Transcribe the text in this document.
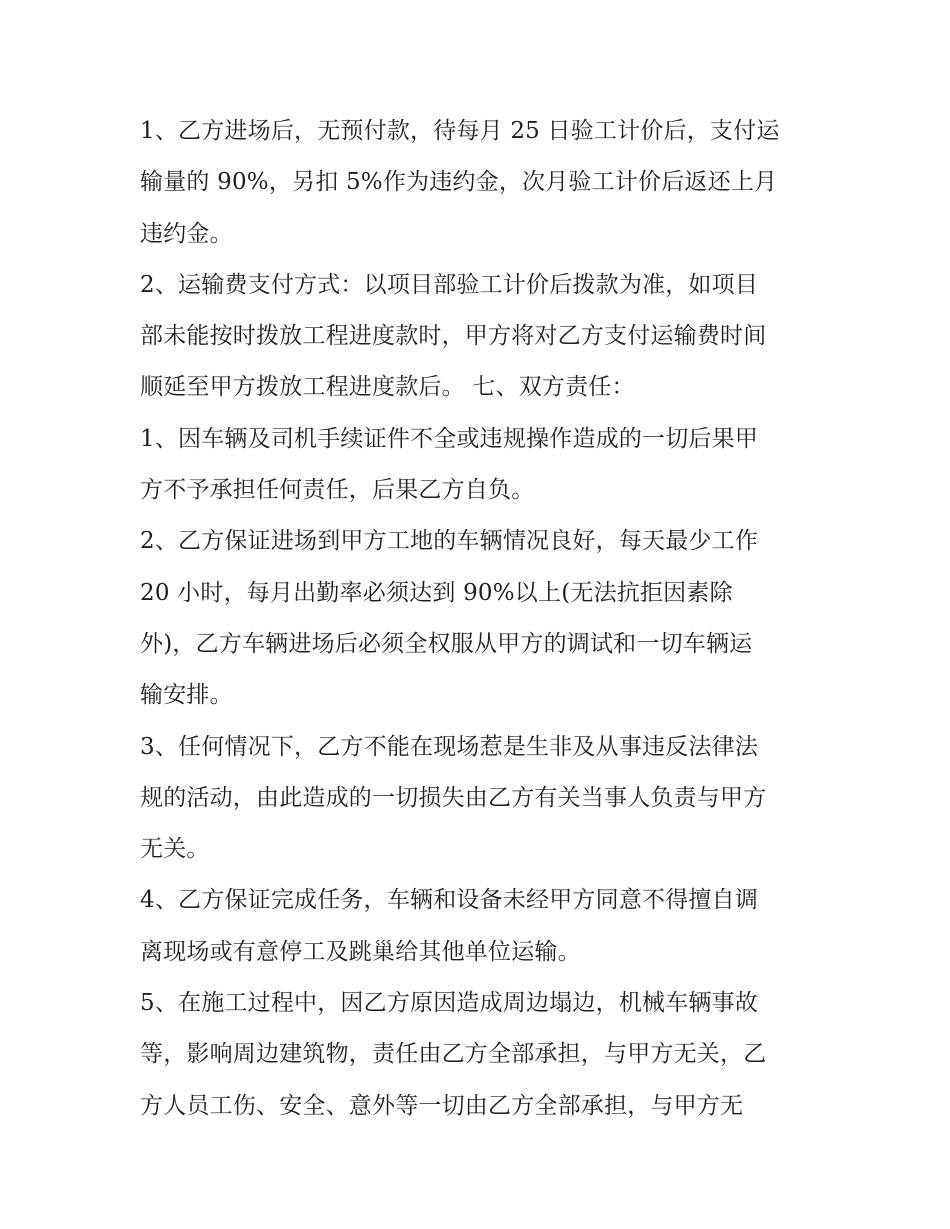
1、乙方进场后，无预付款，待每月 25 日验工计价后，支付运
输量的 90%，另扣 5%作为违约金，次月验工计价后返还上月
违约金。
2、运输费支付方式：以项目部验工计价后拨款为准，如项目
部未能按时拨放工程进度款时，甲方将对乙方支付运输费时间
顺延至甲方拨放工程进度款后。 七、双方责任：
1、因车辆及司机手续证件不全或违规操作造成的一切后果甲
方不予承担任何责任，后果乙方自负。
2、乙方保证进场到甲方工地的车辆情况良好，每天最少工作
20 小时，每月出勤率必须达到 90%以上(无法抗拒因素除
外)，乙方车辆进场后必须全权服从甲方的调试和一切车辆运
输安排。
3、任何情况下，乙方不能在现场惹是生非及从事违反法律法
规的活动，由此造成的一切损失由乙方有关当事人负责与甲方
无关。
4、乙方保证完成任务，车辆和设备未经甲方同意不得擅自调
离现场或有意停工及跳巢给其他单位运输。
5、在施工过程中，因乙方原因造成周边塌边，机械车辆事故
等，影响周边建筑物，责任由乙方全部承担，与甲方无关，乙
方人员工伤、安全、意外等一切由乙方全部承担，与甲方无
